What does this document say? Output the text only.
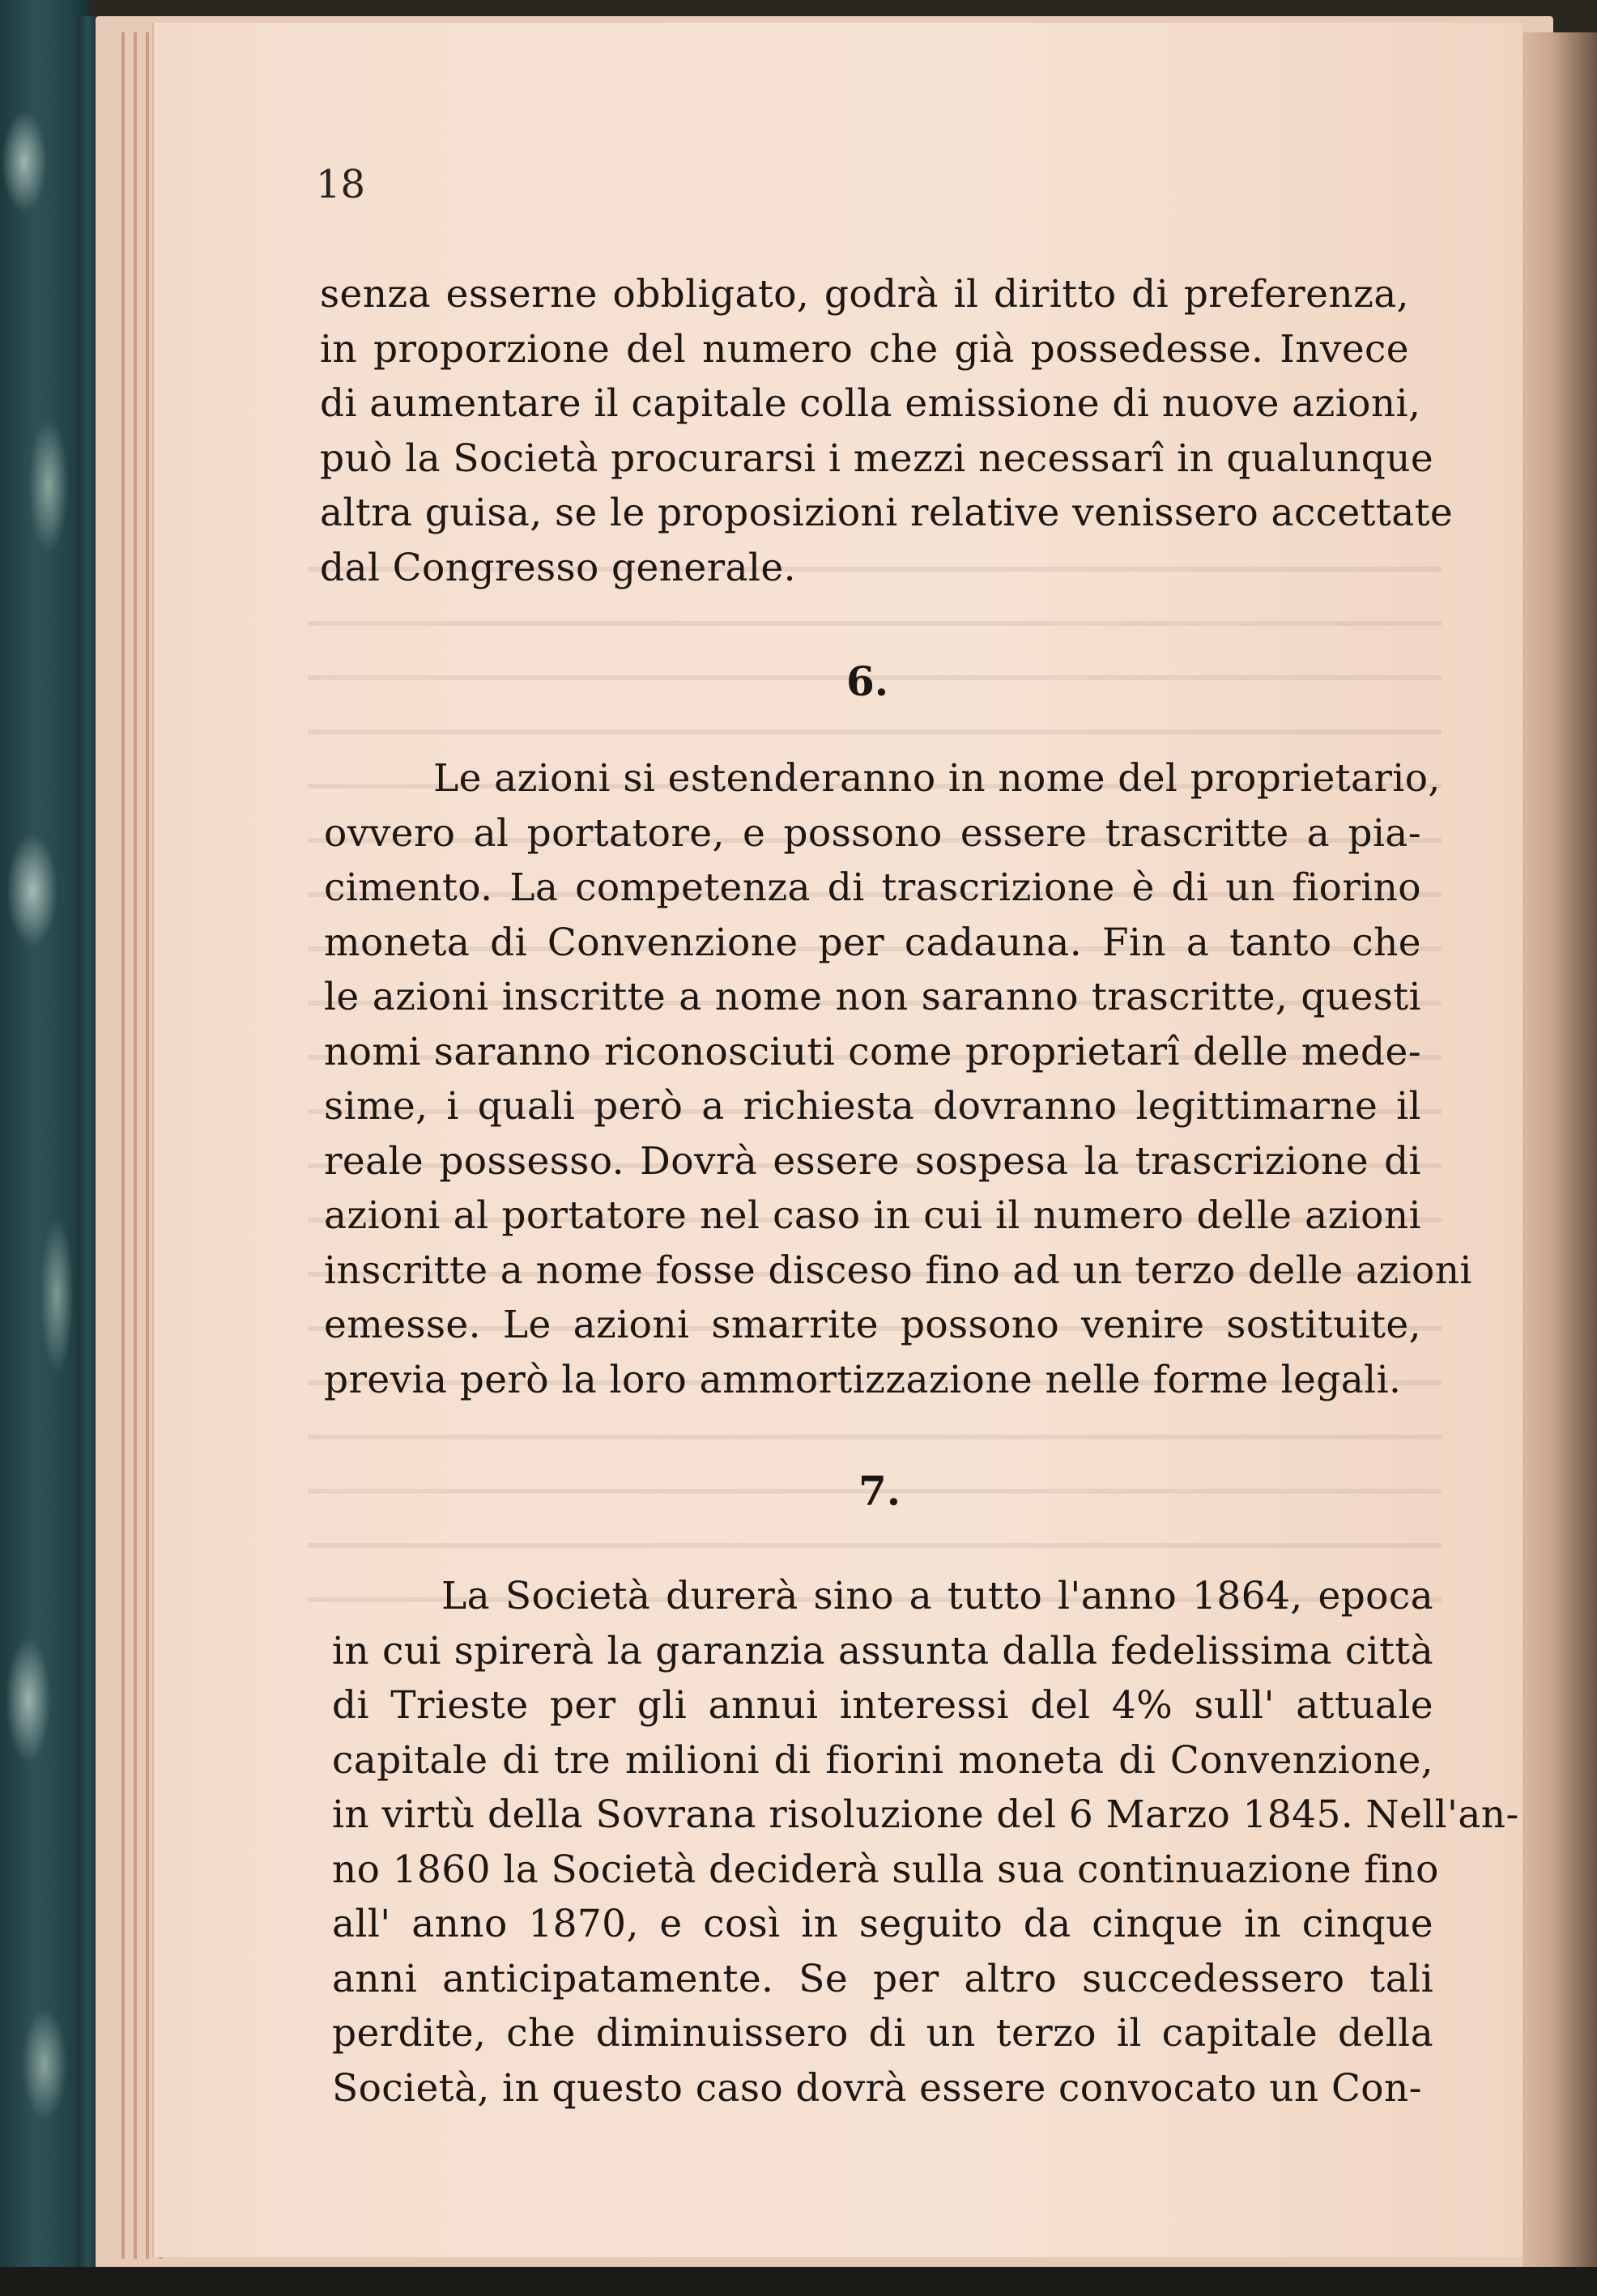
18
senza esserne obbligato, godrà il diritto di preferenza,
in proporzione del numero che già possedesse. Invece
di aumentare il capitale colla emissione di nuove azioni,
può la Società procurarsi i mezzi necessarî in qualunque
altra guisa, se le proposizioni relative venissero accettate
dal Congresso generale.
6.
Le azioni si estenderanno in nome del proprietario,
ovvero al portatore, e possono essere trascritte a pia-
cimento. La competenza di trascrizione è di un fiorino
moneta di Convenzione per cadauna. Fin a tanto che
le azioni inscritte a nome non saranno trascritte, questi
nomi saranno riconosciuti come proprietarî delle mede-
sime, i quali però a richiesta dovranno legittimarne il
reale possesso. Dovrà essere sospesa la trascrizione di
azioni al portatore nel caso in cui il numero delle azioni
inscritte a nome fosse disceso fino ad un terzo delle azioni
emesse. Le azioni smarrite possono venire sostituite,
previa però la loro ammortizzazione nelle forme legali.
7.
La Società durerà sino a tutto l'anno 1864, epoca
in cui spirerà la garanzia assunta dalla fedelissima città
di Trieste per gli annui interessi del 4% sull' attuale
capitale di tre milioni di fiorini moneta di Convenzione,
in virtù della Sovrana risoluzione del 6 Marzo 1845. Nell'an-
no 1860 la Società deciderà sulla sua continuazione fino
all' anno 1870, e così in seguito da cinque in cinque
anni anticipatamente. Se per altro succedessero tali
perdite, che diminuissero di un terzo il capitale della
Società, in questo caso dovrà essere convocato un Con-
